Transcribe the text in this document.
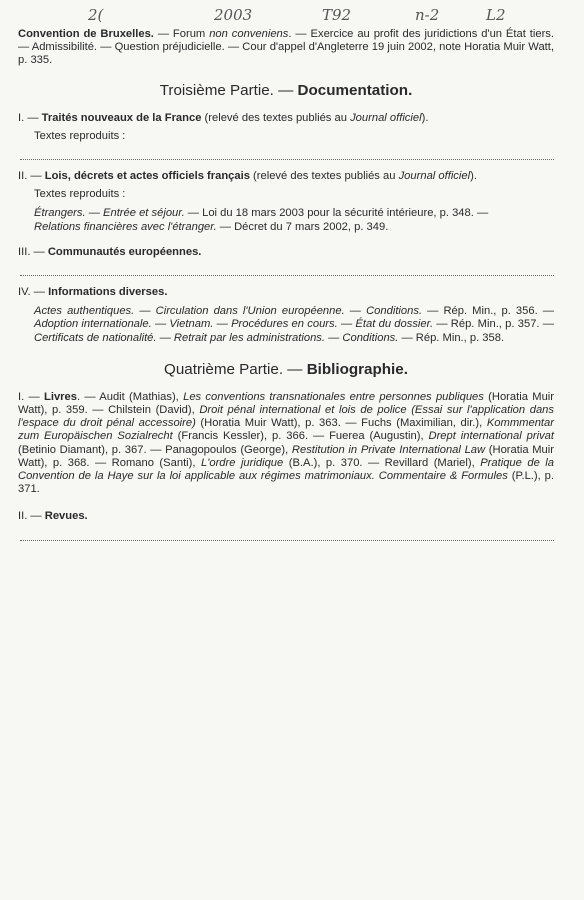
2​(	2003	T92	n-2	L2

Convention de Bruxelles. — Forum non conveniens. — Exercice au profit des juridictions d'un État tiers. — Admissibilité. — Question préjudicielle. — Cour d'appel d'Angleterre 19 juin 2002, note Horatia Muir Watt, p. 335.

Troisième Partie. — Documentation.

I. — Traités nouveaux de la France (relevé des textes publiés au Journal officiel).

Textes reproduits :

II. — Lois, décrets et actes officiels français (relevé des textes publiés au Journal officiel).

Textes reproduits :

Étrangers. — Entrée et séjour. — Loi du 18 mars 2003 pour la sécurité intérieure, p. 348. —
Relations financières avec l'étranger. — Décret du 7 mars 2002, p. 349.

III. — Communautés européennes.

IV. — Informations diverses.

Actes authentiques. — Circulation dans l'Union européenne. — Conditions. — Rép. Min., p. 356. — Adoption internationale. — Vietnam. — Procédures en cours. — État du dossier. — Rép. Min., p. 357. — Certificats de nationalité. — Retrait par les administrations. — Conditions. — Rép. Min., p. 358.

Quatrième Partie. — Bibliographie.

I. — Livres. — Audit (Mathias), Les conventions transnationales entre personnes publiques (Horatia Muir Watt), p. 359. — Chilstein (David), Droit pénal international et lois de police (Essai sur l'application dans l'espace du droit pénal accessoire) (Horatia Muir Watt), p. 363. — Fuchs (Maximilian, dir.), Kommmentar zum Europäischen Sozialrecht (Francis Kessler), p. 366. — Fuerea (Augustin), Drept international privat (Betinio Diamant), p. 367. — Panagopoulos (George), Restitution in Private International Law (Horatia Muir Watt), p. 368. — Romano (Santi), L'ordre juridique (B.A.), p. 370. — Revillard (Mariel), Pratique de la Convention de la Haye sur la loi applicable aux régimes matrimoniaux. Commentaire & Formules (P.L.), p. 371.

II. — Revues.
